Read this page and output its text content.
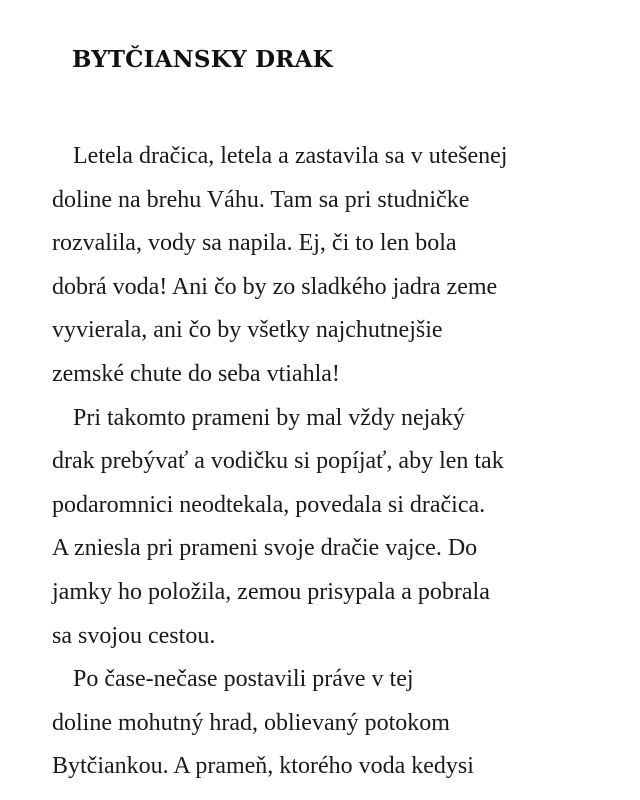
BYTČIANSKY DRAK
Letela dračica, letela a zastavila sa v utešenej
doline na brehu Váhu. Tam sa pri studničke
rozvalila, vody sa napila. Ej, či to len bola
dobrá voda! Ani čo by zo sladkého jadra zeme
vyvierala, ani čo by všetky najchutnejšie
zemské chute do seba vtiahla!
Pri takomto prameni by mal vždy nejaký
drak prebývať a vodičku si popíjať, aby len tak
podaromnici neodtekala, povedala si dračica.
A zniesla pri prameni svoje dračie vajce. Do
jamky ho položila, zemou prisypala a pobrala
sa svojou cestou.
Po čase-nečase postavili práve v tej
doline mohutný hrad, oblievaný potokom
Bytčiankou. A prameň, ktorého voda kedysi
